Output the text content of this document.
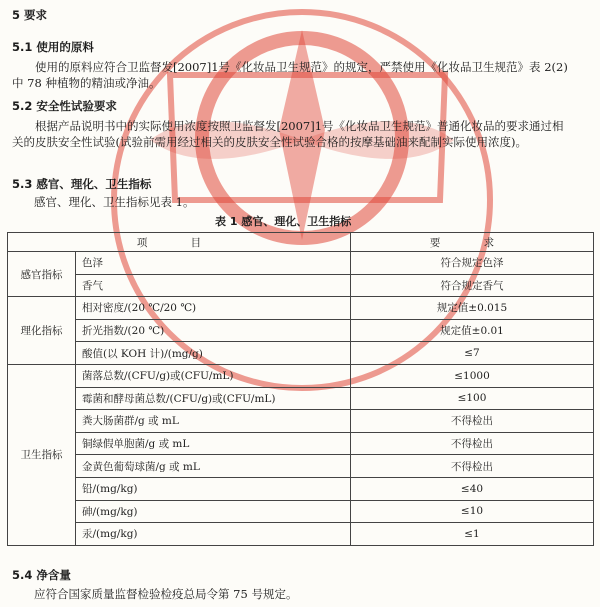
5 要求
5.1 使用的原料
使用的原料应符合卫监督发[2007]1号《化妆品卫生规范》的规定，严禁使用《化妆品卫生规范》表 2(2)中 78 种植物的精油或净油。
5.2 安全性试验要求
根据产品说明书中的实际使用浓度按照卫监督发[2007]1号《化妆品卫生规范》普通化妆品的要求通过相关的皮肤安全性试验(试验前需用经过相关的皮肤安全性试验合格的按摩基础油来配制实际使用浓度)。
5.3 感官、理化、卫生指标
感官、理化、卫生指标见表 1。
表 1 感官、理化、卫生指标
项 目		要 求
感官指标	色泽	符合规定色泽
	香气	符合规定香气
理化指标	相对密度/(20 ℃/20 ℃)	规定值±0.015
	折光指数/(20 ℃)	规定值±0.01
	酸值(以 KOH 计)/(mg/g)	≤7
卫生指标	菌落总数/(CFU/g)或(CFU/mL)	≤1000
	霉菌和酵母菌总数/(CFU/g)或(CFU/mL)	≤100
	粪大肠菌群/g 或 mL	不得检出
	铜绿假单胞菌/g 或 mL	不得检出
	金黄色葡萄球菌/g 或 mL	不得检出
	铅/(mg/kg)	≤40
	砷/(mg/kg)	≤10
	汞/(mg/kg)	≤1
5.4 净含量
应符合国家质量监督检验检疫总局令第 75 号规定。
